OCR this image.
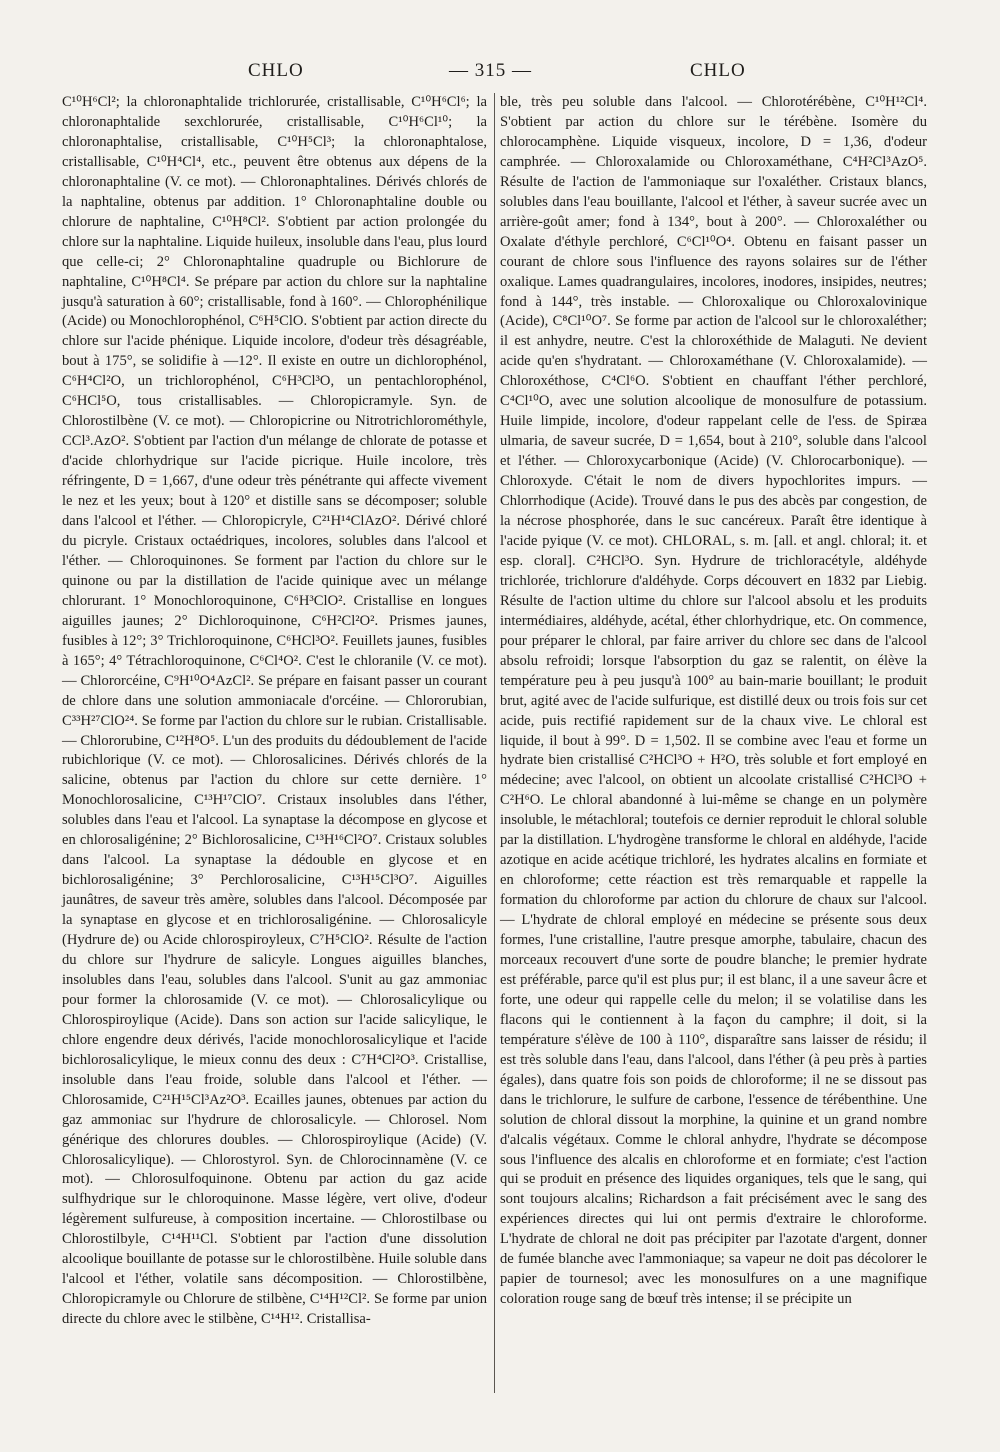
CHLO	— 315 —	CHLO

C¹⁰H⁶Cl²; la chloronaphtalide trichlorurée, cristallisable, C¹⁰H⁶Cl⁶; la chloronaphtalide sexchlorurée, cristallisable, C¹⁰H⁶Cl¹⁰; la chloronaphtalise, cristallisable, C¹⁰H⁵Cl³; la chloronaphtalose, cristallisable, C¹⁰H⁴Cl⁴, etc., peuvent être obtenus aux dépens de la chloronaphtaline (V. ce mot). — Chloronaphtalines. Dérivés chlorés de la naphtaline, obtenus par addition. 1° Chloronaphtaline double ou chlorure de naphtaline, C¹⁰H⁸Cl². S'obtient par action prolongée du chlore sur la naphtaline. Liquide huileux, insoluble dans l'eau, plus lourd que celle-ci; 2° Chloronaphtaline quadruple ou Bichlorure de naphtaline, C¹⁰H⁸Cl⁴. Se prépare par action du chlore sur la naphtaline jusqu'à saturation à 60°; cristallisable, fond à 160°. — Chlorophénilique (Acide) ou Monochlorophénol, C⁶H⁵ClO. S'obtient par action directe du chlore sur l'acide phénique. Liquide incolore, d'odeur très désagréable, bout à 175°, se solidifie à —12°. Il existe en outre un dichlorophénol, C⁶H⁴Cl²O, un trichlorophénol, C⁶H³Cl³O, un pentachlorophénol, C⁶HCl⁵O, tous cristallisables. — Chloropicramyle. Syn. de Chlorostilbène (V. ce mot). — Chloropicrine ou Nitrotrichlorométhyle, CCl³.AzO². S'obtient par l'action d'un mélange de chlorate de potasse et d'acide chlorhydrique sur l'acide picrique. Huile incolore, très réfringente, D = 1,667, d'une odeur très pénétrante qui affecte vivement le nez et les yeux; bout à 120° et distille sans se décomposer; soluble dans l'alcool et l'éther. — Chloropicryle, C²¹H¹⁴ClAzO². Dérivé chloré du picryle. Cristaux octaédriques, incolores, solubles dans l'alcool et l'éther. — Chloroquinones. Se forment par l'action du chlore sur le quinone ou par la distillation de l'acide quinique avec un mélange chlorurant. 1° Monochloroquinone, C⁶H³ClO². Cristallise en longues aiguilles jaunes; 2° Dichloroquinone, C⁶H²Cl²O². Prismes jaunes, fusibles à 12°; 3° Trichloroquinone, C⁶HCl³O². Feuillets jaunes, fusibles à 165°; 4° Tétrachloroquinone, C⁶Cl⁴O². C'est le chloranile (V. ce mot). — Chlororcéine, C⁹H¹⁰O⁴AzCl². Se prépare en faisant passer un courant de chlore dans une solution ammoniacale d'orcéine. — Chlororubian, C³³H²⁷ClO²⁴. Se forme par l'action du chlore sur le rubian. Cristallisable. — Chlororubine, C¹²H⁸O⁵. L'un des produits du dédoublement de l'acide rubichlorique (V. ce mot). — Chlorosalicines. Dérivés chlorés de la salicine, obtenus par l'action du chlore sur cette dernière. 1° Monochlorosalicine, C¹³H¹⁷ClO⁷. Cristaux insolubles dans l'éther, solubles dans l'eau et l'alcool. La synaptase la décompose en glycose et en chlorosaligénine; 2° Bichlorosalicine, C¹³H¹⁶Cl²O⁷. Cristaux solubles dans l'alcool. La synaptase la dédouble en glycose et en bichlorosaligénine; 3° Perchlorosalicine, C¹³H¹⁵Cl³O⁷. Aiguilles jaunâtres, de saveur très amère, solubles dans l'alcool. Décomposée par la synaptase en glycose et en trichlorosaligénine. — Chlorosalicyle (Hydrure de) ou Acide chlorospiroyleux, C⁷H⁵ClO². Résulte de l'action du chlore sur l'hydrure de salicyle. Longues aiguilles blanches, insolubles dans l'eau, solubles dans l'alcool. S'unit au gaz ammoniac pour former la chlorosamide (V. ce mot). — Chlorosalicylique ou Chlorospiroylique (Acide). Dans son action sur l'acide salicylique, le chlore engendre deux dérivés, l'acide monochlorosalicylique et l'acide bichlorosalicylique, le mieux connu des deux : C⁷H⁴Cl²O³. Cristallise, insoluble dans l'eau froide, soluble dans l'alcool et l'éther. — Chlorosamide, C²¹H¹⁵Cl³Az²O³. Ecailles jaunes, obtenues par action du gaz ammoniac sur l'hydrure de chlorosalicyle. — Chlorosel. Nom générique des chlorures doubles. — Chlorospiroylique (Acide) (V. Chlorosalicylique). — Chlorostyrol. Syn. de Chlorocinnamène (V. ce mot). — Chlorosulfoquinone. Obtenu par action du gaz acide sulfhydrique sur le chloroquinone. Masse légère, vert olive, d'odeur légèrement sulfureuse, à composition incertaine. — Chlorostilbase ou Chlorostilbyle, C¹⁴H¹¹Cl. S'obtient par l'action d'une dissolution alcoolique bouillante de potasse sur le chlorostilbène. Huile soluble dans l'alcool et l'éther, volatile sans décomposition. — Chlorostilbène, Chloropicramyle ou Chlorure de stilbène, C¹⁴H¹²Cl². Se forme par union directe du chlore avec le stilbène, C¹⁴H¹². Cristallisa-

ble, très peu soluble dans l'alcool. — Chlorotérébène, C¹⁰H¹²Cl⁴. S'obtient par action du chlore sur le térébène. Isomère du chlorocamphène. Liquide visqueux, incolore, D = 1,36, d'odeur camphrée. — Chloroxalamide ou Chloroxaméthane, C⁴H²Cl³AzO⁵. Résulte de l'action de l'ammoniaque sur l'oxaléther. Cristaux blancs, solubles dans l'eau bouillante, l'alcool et l'éther, à saveur sucrée avec un arrière-goût amer; fond à 134°, bout à 200°. — Chloroxaléther ou Oxalate d'éthyle perchloré, C⁶Cl¹⁰O⁴. Obtenu en faisant passer un courant de chlore sous l'influence des rayons solaires sur de l'éther oxalique. Lames quadrangulaires, incolores, inodores, insipides, neutres; fond à 144°, très instable. — Chloroxalique ou Chloroxalovinique (Acide), C⁸Cl¹⁰O⁷. Se forme par action de l'alcool sur le chloroxaléther; il est anhydre, neutre. C'est la chloroxéthide de Malaguti. Ne devient acide qu'en s'hydratant. — Chloroxaméthane (V. Chloroxalamide). — Chloroxéthose, C⁴Cl⁶O. S'obtient en chauffant l'éther perchloré, C⁴Cl¹⁰O, avec une solution alcoolique de monosulfure de potassium. Huile limpide, incolore, d'odeur rappelant celle de l'ess. de Spiræa ulmaria, de saveur sucrée, D = 1,654, bout à 210°, soluble dans l'alcool et l'éther. — Chloroxycarbonique (Acide) (V. Chlorocarbonique). — Chloroxyde. C'était le nom de divers hypochlorites impurs. — Chlorrhodique (Acide). Trouvé dans le pus des abcès par congestion, de la nécrose phosphorée, dans le suc cancéreux. Paraît être identique à l'acide pyique (V. ce mot). CHLORAL, s. m. [all. et angl. chloral; it. et esp. cloral]. C²HCl³O. Syn. Hydrure de trichloracétyle, aldéhyde trichlorée, trichlorure d'aldéhyde. Corps découvert en 1832 par Liebig. Résulte de l'action ultime du chlore sur l'alcool absolu et les produits intermédiaires, aldéhyde, acétal, éther chlorhydrique, etc. On commence, pour préparer le chloral, par faire arriver du chlore sec dans de l'alcool absolu refroidi; lorsque l'absorption du gaz se ralentit, on élève la température peu à peu jusqu'à 100° au bain-marie bouillant; le produit brut, agité avec de l'acide sulfurique, est distillé deux ou trois fois sur cet acide, puis rectifié rapidement sur de la chaux vive. Le chloral est liquide, il bout à 99°. D = 1,502. Il se combine avec l'eau et forme un hydrate bien cristallisé C²HCl³O + H²O, très soluble et fort employé en médecine; avec l'alcool, on obtient un alcoolate cristallisé C²HCl³O + C²H⁶O. Le chloral abandonné à lui-même se change en un polymère insoluble, le métachloral; toutefois ce dernier reproduit le chloral soluble par la distillation. L'hydrogène transforme le chloral en aldéhyde, l'acide azotique en acide acétique trichloré, les hydrates alcalins en formiate et en chloroforme; cette réaction est très remarquable et rappelle la formation du chloroforme par action du chlorure de chaux sur l'alcool. — L'hydrate de chloral employé en médecine se présente sous deux formes, l'une cristalline, l'autre presque amorphe, tabulaire, chacun des morceaux recouvert d'une sorte de poudre blanche; le premier hydrate est préférable, parce qu'il est plus pur; il est blanc, il a une saveur âcre et forte, une odeur qui rappelle celle du melon; il se volatilise dans les flacons qui le contiennent à la façon du camphre; il doit, si la température s'élève de 100 à 110°, disparaître sans laisser de résidu; il est très soluble dans l'eau, dans l'alcool, dans l'éther (à peu près à parties égales), dans quatre fois son poids de chloroforme; il ne se dissout pas dans le trichlorure, le sulfure de carbone, l'essence de térébenthine. Une solution de chloral dissout la morphine, la quinine et un grand nombre d'alcalis végétaux. Comme le chloral anhydre, l'hydrate se décompose sous l'influence des alcalis en chloroforme et en formiate; c'est l'action qui se produit en présence des liquides organiques, tels que le sang, qui sont toujours alcalins; Richardson a fait précisément avec le sang des expériences directes qui lui ont permis d'extraire le chloroforme. L'hydrate de chloral ne doit pas précipiter par l'azotate d'argent, donner de fumée blanche avec l'ammoniaque; sa vapeur ne doit pas décolorer le papier de tournesol; avec les monosulfures on a une magnifique coloration rouge sang de bœuf très intense; il se précipite un
